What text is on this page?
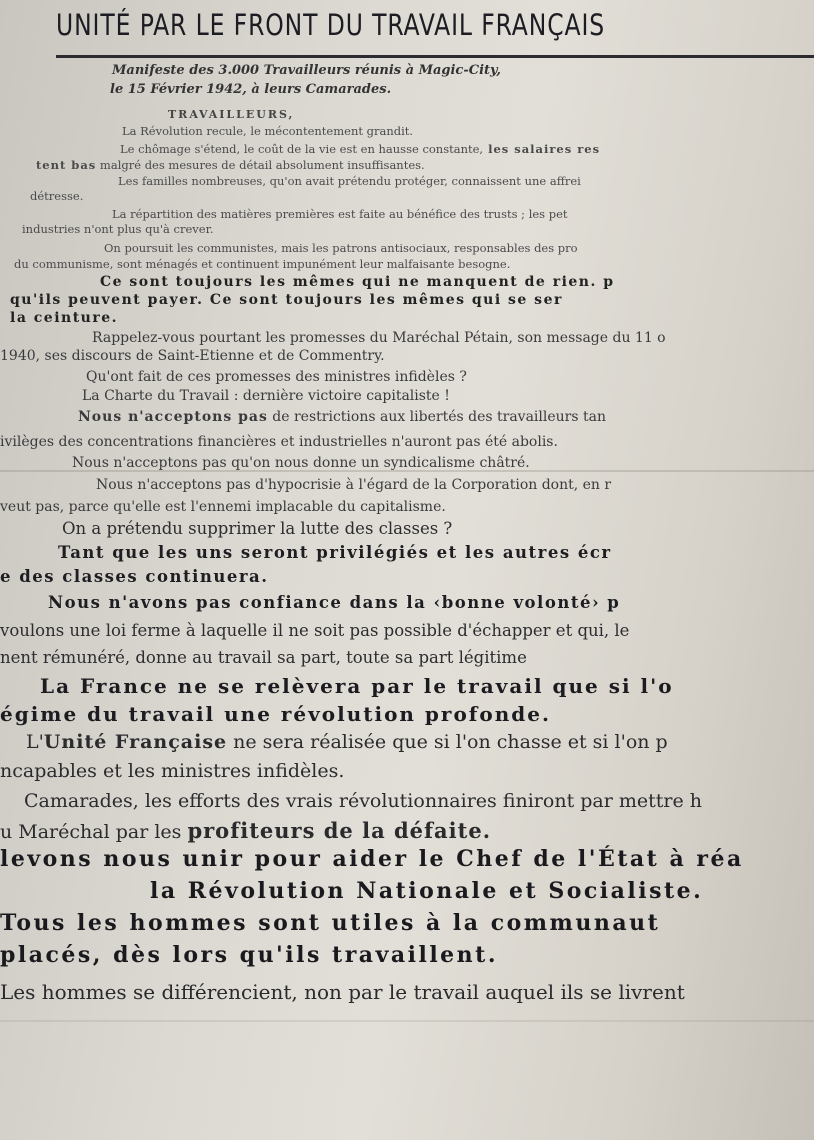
UNITÉ PAR LE FRONT DU TRAVAIL FRANÇAIS
Manifeste des 3.000 Travailleurs réunis à Magic-City,
le 15 Février 1942, à leurs Camarades.
TRAVAILLEURS,
La Révolution recule, le mécontentement grandit.
Le chômage s'étend, le coût de la vie est en hausse constante, les salaires res
tent bas malgré des mesures de détail absolument insuffisantes.
Les familles nombreuses, qu'on avait prétendu protéger, connaissent une affrei
détresse.
La répartition des matières premières est faite au bénéfice des trusts ; les pet
industries n'ont plus qu'à crever.
On poursuit les communistes, mais les patrons antisociaux, responsables des pro
du communisme, sont ménagés et continuent impunément leur malfaisante besogne.
Ce sont toujours les mêmes qui ne manquent de rien. p
qu'ils peuvent payer. Ce sont toujours les mêmes qui se ser
la ceinture.
Rappelez-vous pourtant les promesses du Maréchal Pétain, son message du 11 o
1940, ses discours de Saint-Etienne et de Commentry.
Qu'ont fait de ces promesses des ministres infidèles ?
La Charte du Travail : dernière victoire capitaliste !
Nous n'acceptons pas de restrictions aux libertés des travailleurs tan
ivilèges des concentrations financières et industrielles n'auront pas été abolis.
Nous n'acceptons pas qu'on nous donne un syndicalisme châtré.
Nous n'acceptons pas d'hypocrisie à l'égard de la Corporation dont, en r
veut pas, parce qu'elle est l'ennemi implacable du capitalisme.
On a prétendu supprimer la lutte des classes ?
Tant que les uns seront privilégiés et les autres écr
e des classes continuera.
Nous n'avons pas confiance dans la ‹bonne volonté› p
voulons une loi ferme à laquelle il ne soit pas possible d'échapper et qui, le
nent rémunéré, donne au travail sa part, toute sa part légitime
La France ne se relèvera par le travail que si l'o
égime du travail une révolution profonde.
L'Unité Française ne sera réalisée que si l'on chasse et si l'on p
ncapables et les ministres infidèles.
Camarades, les efforts des vrais révolutionnaires finiront par mettre h
u Maréchal par les profiteurs de la défaite.
levons nous unir pour aider le Chef de l'État à réa
la Révolution Nationale et Socialiste.
Tous les hommes sont utiles à la communaut
placés, dès lors qu'ils travaillent.
Les hommes se différencient, non par le travail auquel ils se livrent
